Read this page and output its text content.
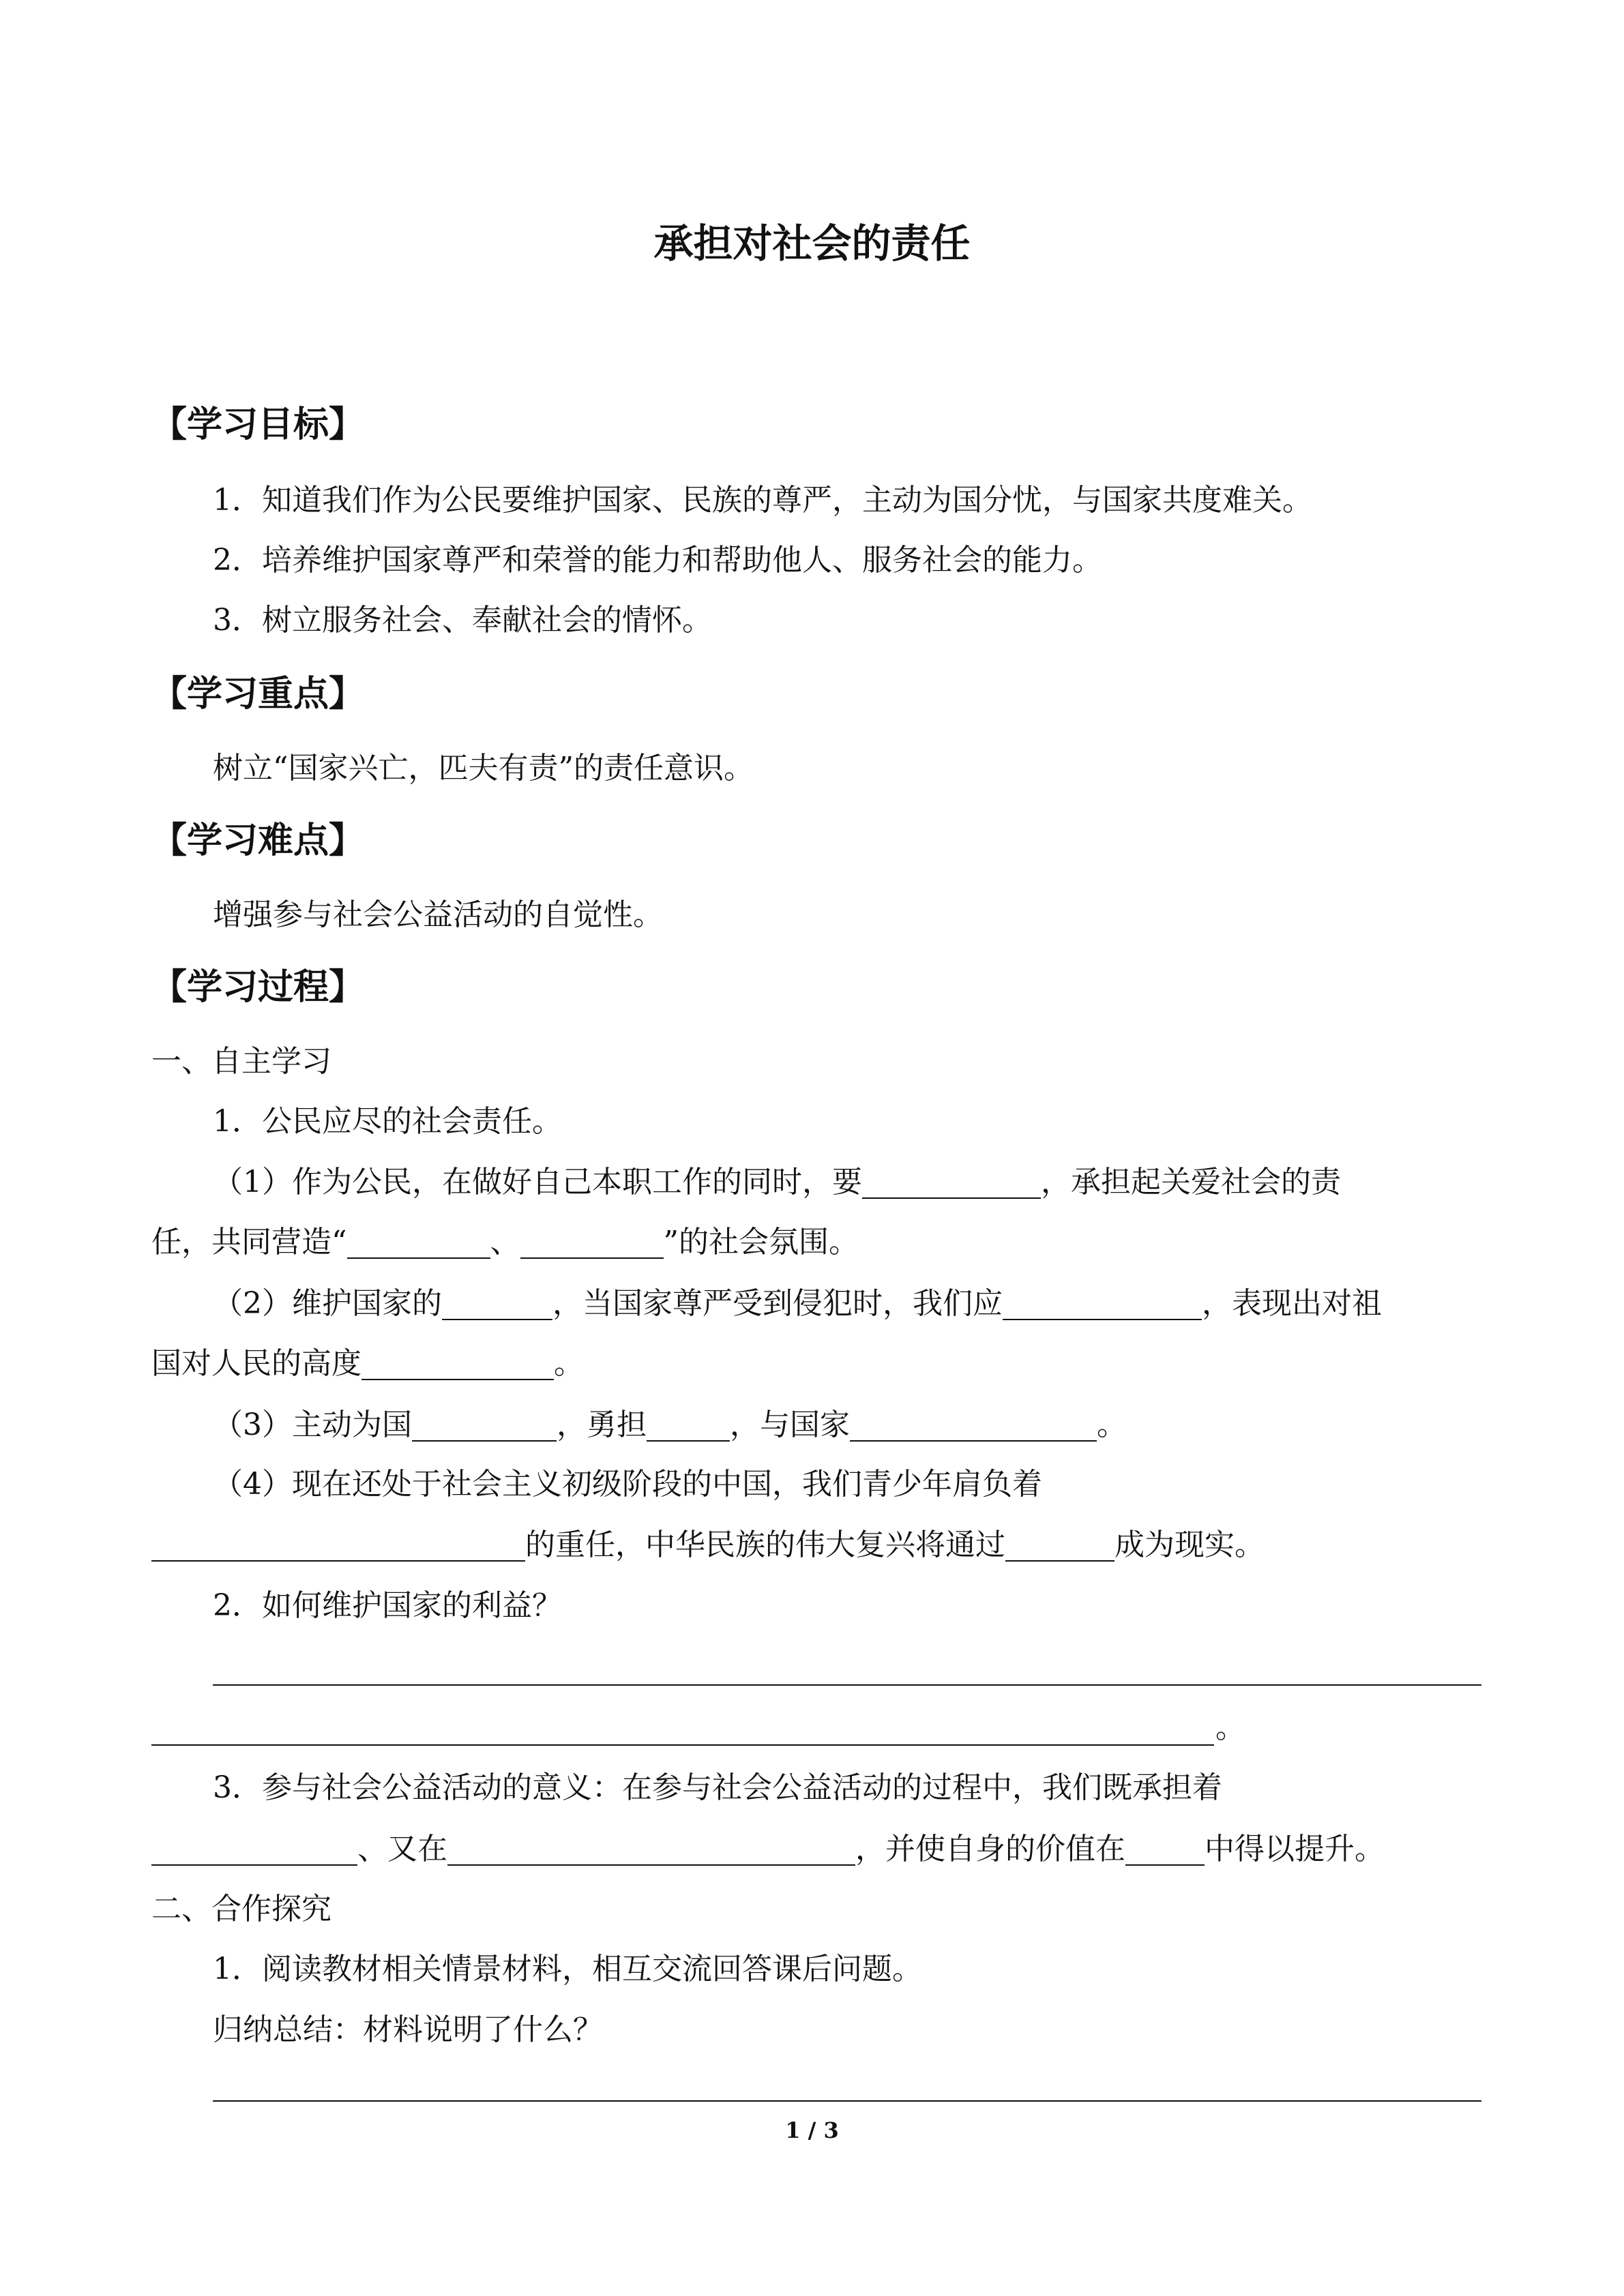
承担对社会的责任
【学习目标】
1．知道我们作为公民要维护国家、民族的尊严，主动为国分忧，与国家共度难关。
2．培养维护国家尊严和荣誉的能力和帮助他人、服务社会的能力。
3．树立服务社会、奉献社会的情怀。
【学习重点】
树立“国家兴亡，匹夫有责”的责任意识。
【学习难点】
增强参与社会公益活动的自觉性。
【学习过程】
一、自主学习
1．公民应尽的社会责任。
（1）作为公民，在做好自己本职工作的同时，要	，承担起关爱社会的责
任，共同营造“	、	”的社会氛围。
（2）维护国家的	，当国家尊严受到侵犯时，我们应	，表现出对祖
国对人民的高度	。
（3）主动为国	，勇担	，与国家	。
（4）现在还处于社会主义初级阶段的中国，我们青少年肩负着
的重任，中华民族的伟大复兴将通过	成为现实。
2．如何维护国家的利益？
。
3．参与社会公益活动的意义：在参与社会公益活动的过程中，我们既承担着
、又在	，并使自身的价值在	中得以提升。
二、合作探究
1．阅读教材相关情景材料，相互交流回答课后问题。
归纳总结：材料说明了什么？
1 / 3
